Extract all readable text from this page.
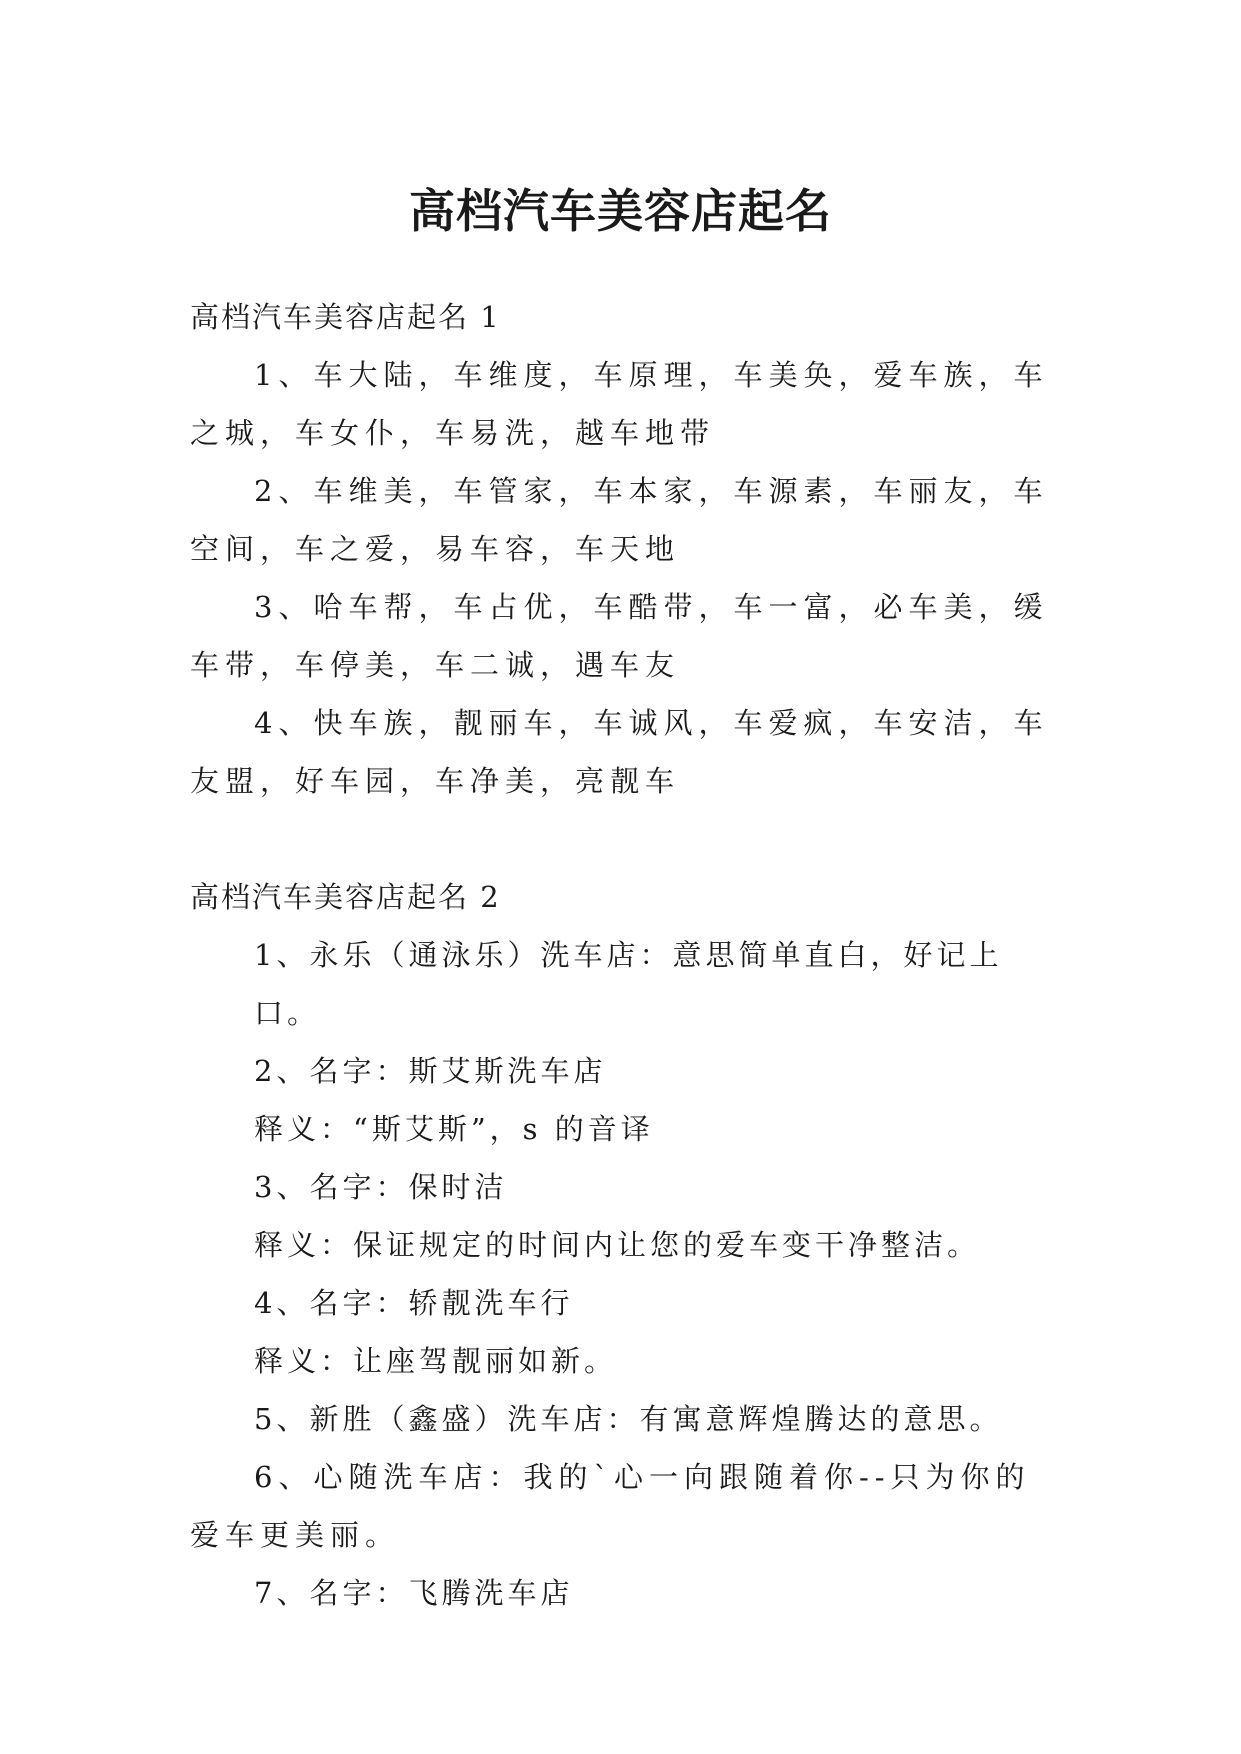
高档汽车美容店起名
高档汽车美容店起名 1

1、车大陆，车维度，车原理，车美奂，爱车族，车之城，车女仆，车易洗，越车地带

2、车维美，车管家，车本家，车源素，车丽友，车空间，车之爱，易车容，车天地

3、哈车帮，车占优，车酷带，车一富，必车美，缓车带，车停美，车二诚，遇车友

4、快车族，靓丽车，车诚风，车爱疯，车安洁，车友盟，好车园，车净美，亮靓车

高档汽车美容店起名 2

1、永乐（通泳乐）洗车店：意思简单直白，好记上口。

2、名字：斯艾斯洗车店

释义：“斯艾斯”，s 的音译

3、名字：保时洁

释义：保证规定的时间内让您的爱车变干净整洁。

4、名字：轿靓洗车行

释义：让座驾靓丽如新。

5、新胜（鑫盛）洗车店：有寓意辉煌腾达的意思。

6、心随洗车店：我的`心一向跟随着你--只为你的爱车更美丽。

7、名字：飞腾洗车店
